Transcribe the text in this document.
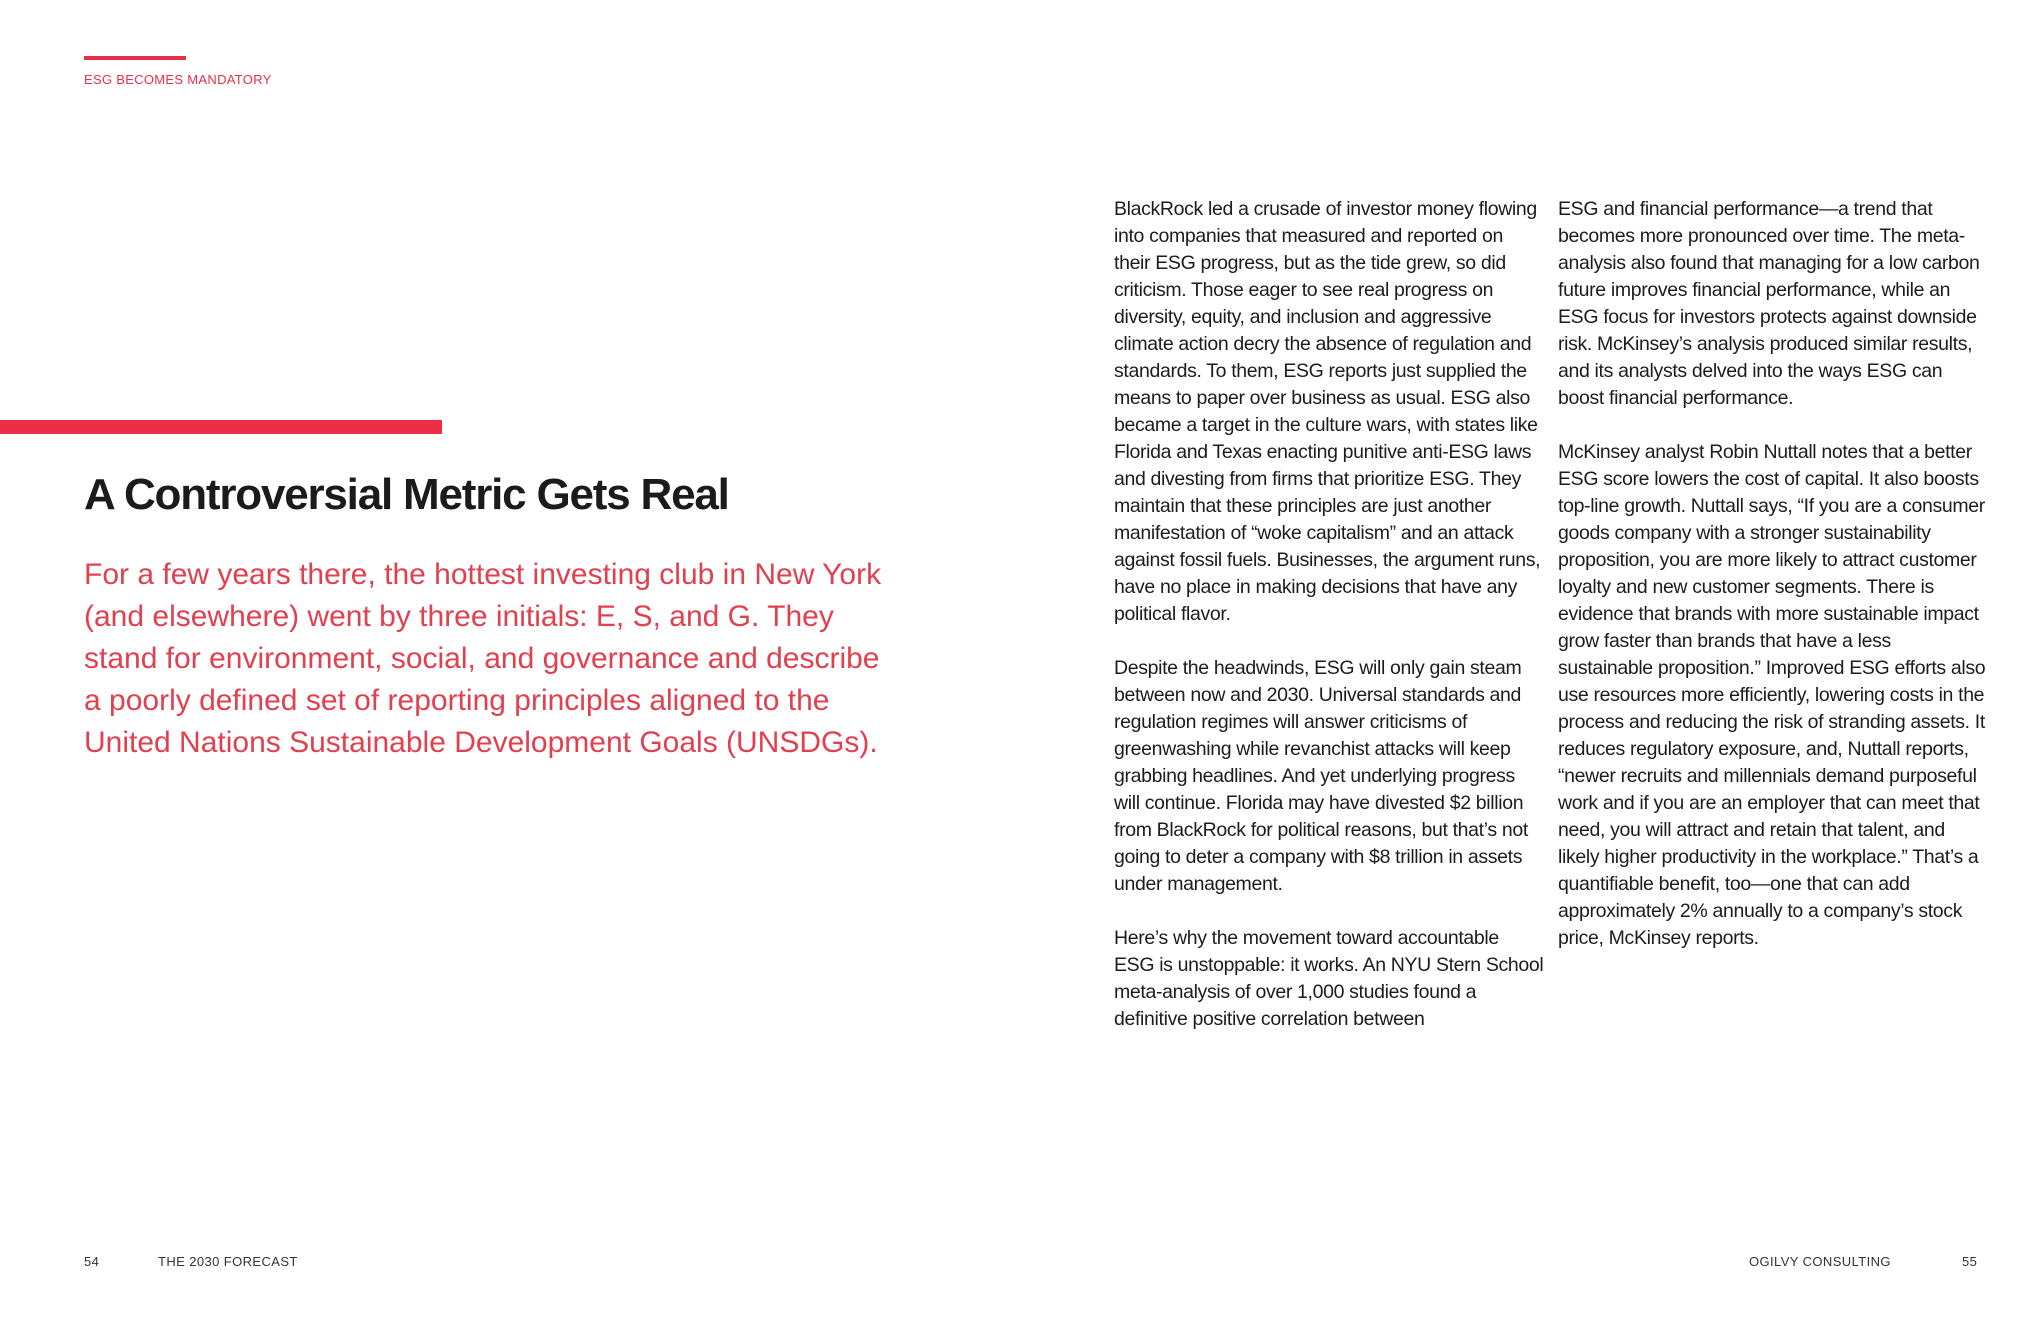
ESG BECOMES MANDATORY
A Controversial Metric Gets Real

For a few years there, the hottest investing club in New York (and elsewhere) went by three initials: E, S, and G. They stand for environment, social, and governance and describe a poorly defined set of reporting principles aligned to the United Nations Sustainable Development Goals (UNSDGs).

BlackRock led a crusade of investor money flowing into companies that measured and reported on their ESG progress, but as the tide grew, so did criticism. Those eager to see real progress on diversity, equity, and inclusion and aggressive climate action decry the absence of regulation and standards. To them, ESG reports just supplied the means to paper over business as usual. ESG also became a target in the culture wars, with states like Florida and Texas enacting punitive anti-ESG laws and divesting from firms that prioritize ESG. They maintain that these principles are just another manifestation of “woke capitalism” and an attack against fossil fuels. Businesses, the argument runs, have no place in making decisions that have any political flavor.

Despite the headwinds, ESG will only gain steam between now and 2030. Universal standards and regulation regimes will answer criticisms of greenwashing while revanchist attacks will keep grabbing headlines. And yet underlying progress will continue. Florida may have divested $2 billion from BlackRock for political reasons, but that’s not going to deter a company with $8 trillion in assets under management.

Here’s why the movement toward accountable ESG is unstoppable: it works. An NYU Stern School meta-analysis of over 1,000 studies found a definitive positive correlation between

ESG and financial performance—a trend that becomes more pronounced over time. The meta-analysis also found that managing for a low carbon future improves financial performance, while an ESG focus for investors protects against downside risk. McKinsey’s analysis produced similar results, and its analysts delved into the ways ESG can boost financial performance.

McKinsey analyst Robin Nuttall notes that a better ESG score lowers the cost of capital. It also boosts top-line growth. Nuttall says, “If you are a consumer goods company with a stronger sustainability proposition, you are more likely to attract customer loyalty and new customer segments. There is evidence that brands with more sustainable impact grow faster than brands that have a less sustainable proposition.” Improved ESG efforts also use resources more efficiently, lowering costs in the process and reducing the risk of stranding assets. It reduces regulatory exposure, and, Nuttall reports, “newer recruits and millennials demand purposeful work and if you are an employer that can meet that need, you will attract and retain that talent, and likely higher productivity in the workplace.” That’s a quantifiable benefit, too—one that can add approximately 2% annually to a company’s stock price, McKinsey reports.

54	THE 2030 FORECAST	OGILVY CONSULTING	55
